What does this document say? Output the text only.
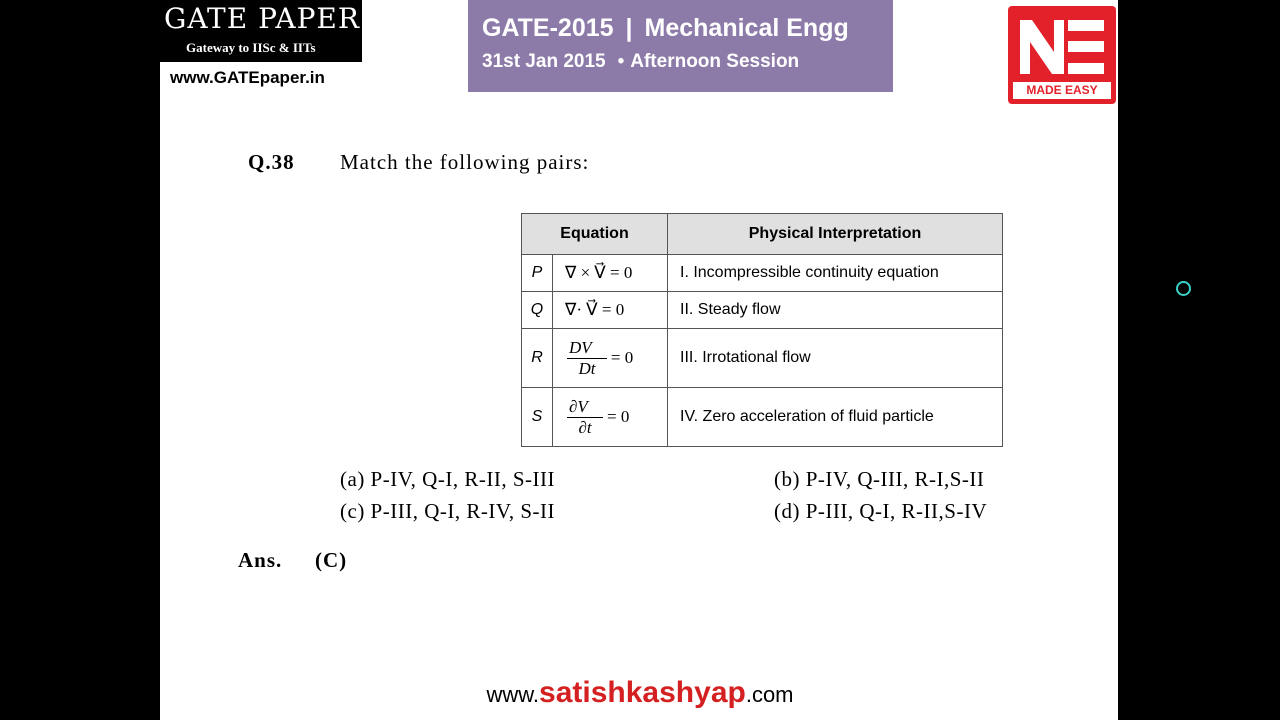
GATE PAPER
Gateway to IISc & IITs
www.GATEpaper.in
GATE-2015 | Mechanical Engg
31st Jan 2015 • Afternoon Session
MADE EASY
Q.38 Match the following pairs:
Equation		Physical Interpretation
P	∇ × V⃗ = 0	I. Incompressible continuity equation
Q	∇· V⃗ = 0	II. Steady flow
R	$\frac{DV⃗}{Dt} = 0$	III. Irrotational flow
S	$\frac{\partial V⃗}{\partial t} = 0$	IV. Zero acceleration of fluid particle
(a) P-IV, Q-I, R-II, S-III	(b) P-IV, Q-III, R-I,S-II
(c) P-III, Q-I, R-IV, S-II	(d) P-III, Q-I, R-II,S-IV
Ans. (C)
www.satishkashyap.com
